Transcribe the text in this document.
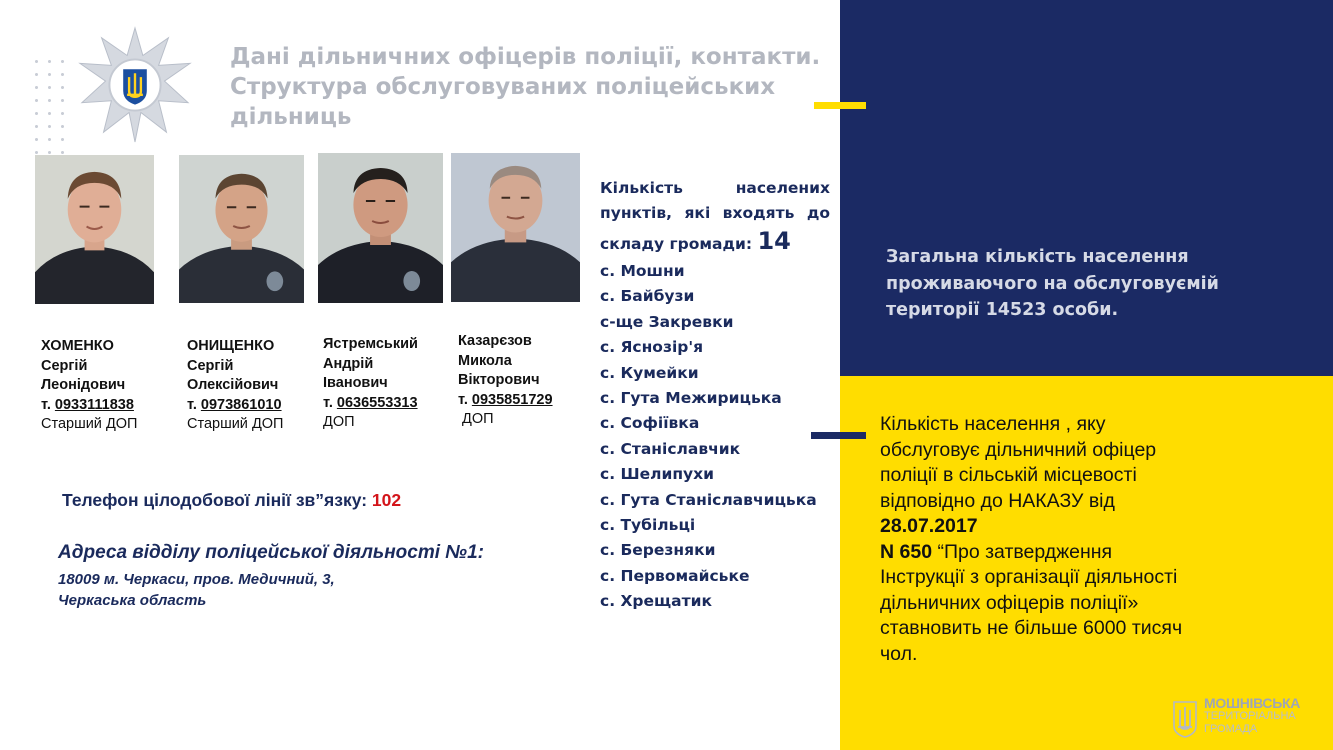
Дані дільничних офіцерів поліції, контакти.
Структура обслуговуваних поліцейських
дільниць
ХОМЕНКО
Сергій
Леонідович
т. 0933111838
Старший ДОП
ОНИЩЕНКО
Сергій
Олексійович
т. 0973861010
Старший ДОП
Ястремський
Андрій
Іванович
т. 0636553313
ДОП
Казарєзов
Микола
Вікторович
т. 0935851729
ДОП
Телефон цілодобової лінії зв”язку: 102
Адреса відділу поліцейської діяльності №1:
18009 м. Черкаси, пров. Медичний, 3,
Черкаська область
Кількість населених пунктів, які входять до
складу громади: 14
с. Мошни
с. Байбузи
с-ще Закревки
с. Яснозір'я
с. Кумейки
с. Гута Межирицька
с. Софіївка
с. Станіславчик
с. Шелипухи
с. Гута Станіславчицька
с. Тубільці
с. Березняки
с. Первомайське
с. Хрещатик
Загальна кількість населення
проживаючого на обслуговуємій
території 14523 особи.
Кількість населення , яку
обслуговує дільничний офіцер
поліції в сільській місцевості
відповідно до НАКАЗУ від
28.07.2017
N 650 “Про затвердження
Інструкції з організації діяльності
дільничних офіцерів поліції»
ставновить не більше 6000 тисяч
чол.
МОШНІВСЬКА
ТЕРИТОРІАЛЬНА
ГРОМАДА
